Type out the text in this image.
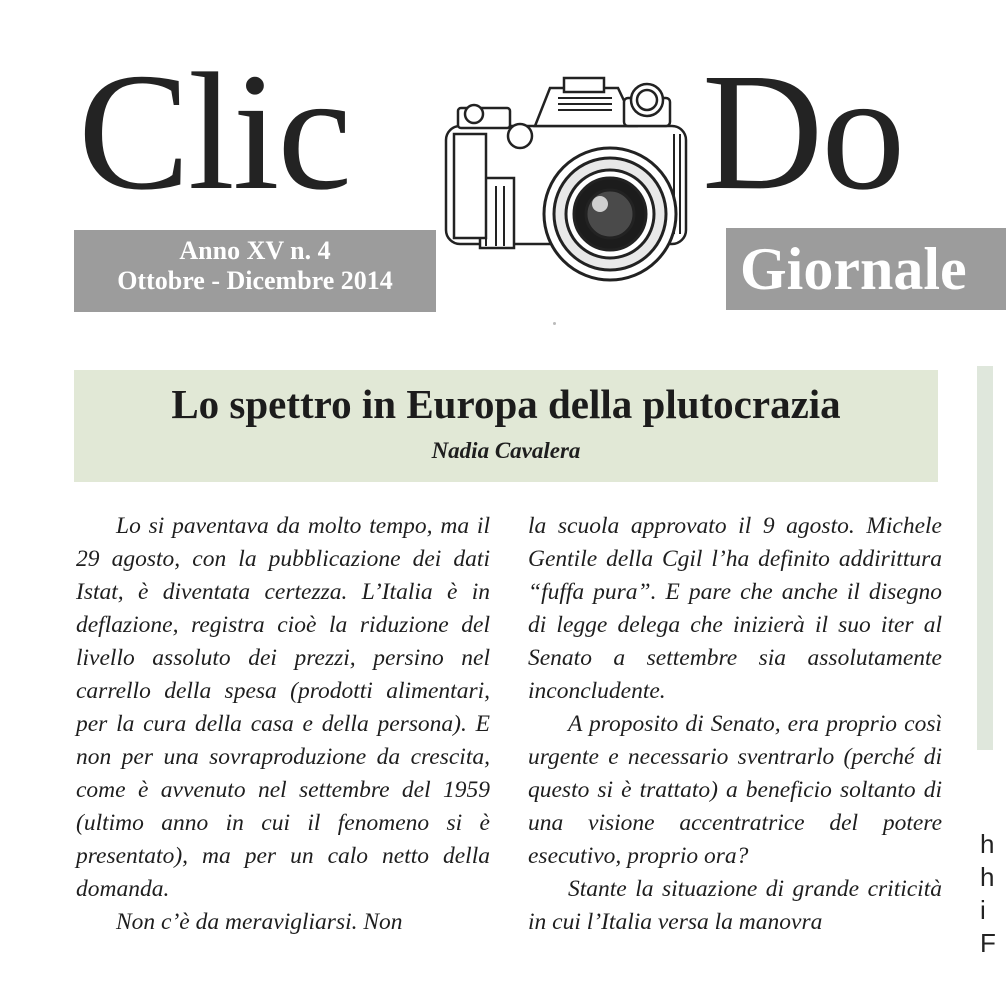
Clic Do
Anno XV n. 4
Ottobre - Dicembre 2014	Giornale
Lo spettro in Europa della plutocrazia
Nadia Cavalera

Lo si paventava da molto tempo, ma il 29 agosto, con la pubblicazione dei dati Istat, è diventata certezza. L’Italia è in deflazione, registra cioè la riduzione del livello assoluto dei prezzi, persino nel carrello della spesa (prodotti alimentari, per la cura della casa e della persona). E non per una sovraproduzione da crescita, come è avvenuto nel settembre del 1959 (ultimo anno in cui il fenomeno si è presentato), ma per un calo netto della domanda.

Non c’è da meravigliarsi. Non

la scuola approvato il 9 agosto. Michele Gentile della Cgil l’ha definito addirittura “fuffa pura”. E pare che anche il disegno di legge delega che inizierà il suo iter al Senato a settembre sia assolutamente inconcludente.

A proposito di Senato, era proprio così urgente e necessario sventrarlo (perché di questo si è trattato) a beneficio soltanto di una visione accentratrice del potere esecutivo, proprio ora?

Stante la situazione di grande criticità in cui l’Italia versa la manovra

h
h
i
F
